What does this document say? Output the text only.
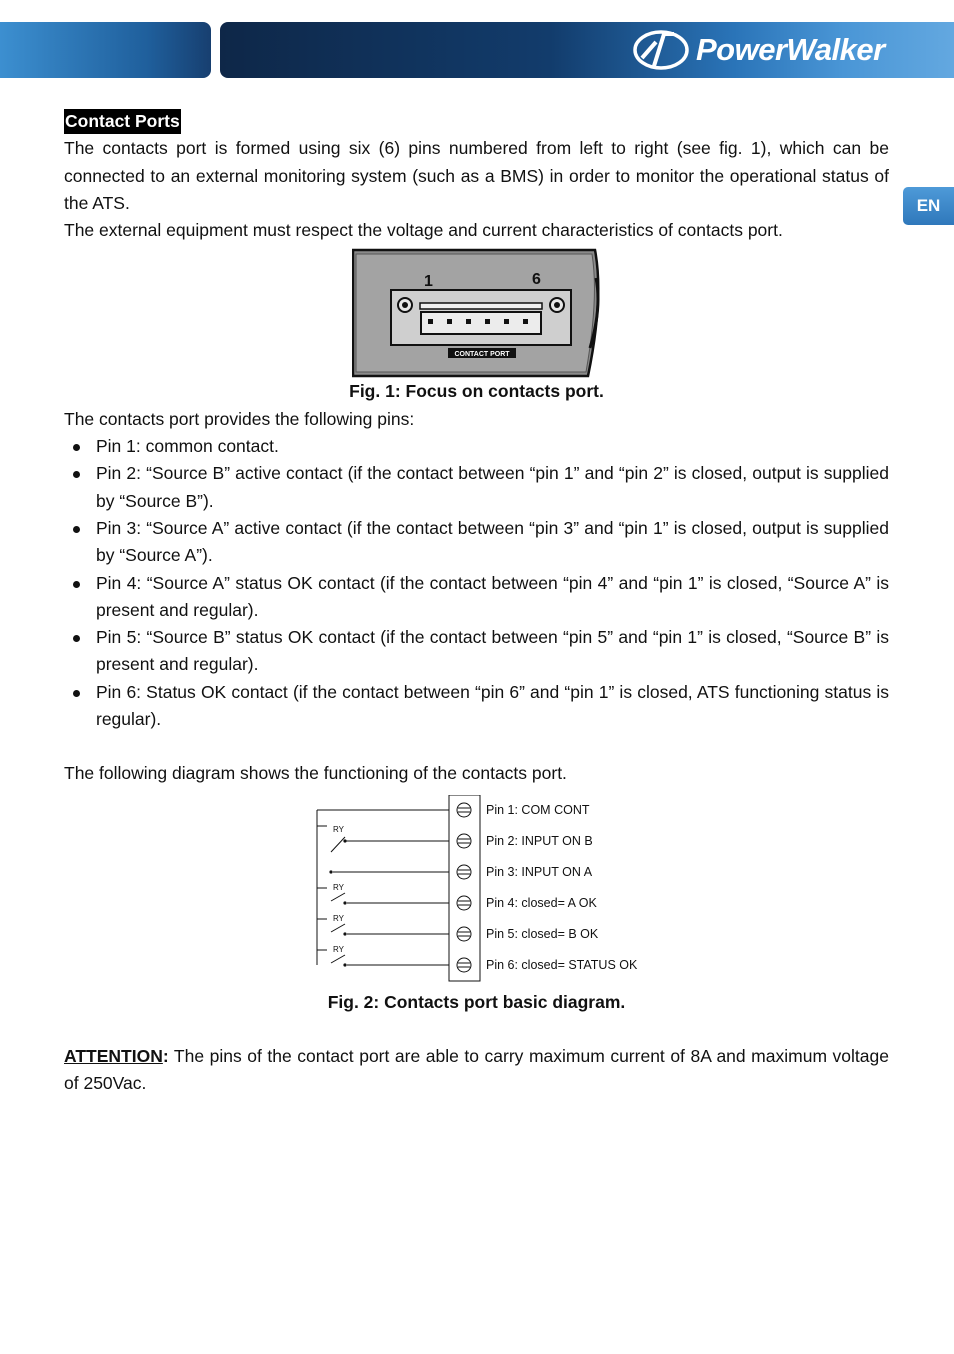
PowerWalker
EN
Contact Ports

The contacts port is formed using six (6) pins numbered from left to right (see fig. 1), which can be connected to an external monitoring system (such as a BMS) in order to monitor the operational status of the ATS.

The external equipment must respect the voltage and current characteristics of contacts port.

1	6
CONTACT PORT
Fig. 1: Focus on contacts port.

The contacts port provides the following pins:

Pin 1: common contact.
Pin 2: “Source B” active contact (if the contact between “pin 1” and “pin 2” is closed, output is supplied by “Source B”).
Pin 3: “Source A” active contact (if the contact between “pin 3” and “pin 1” is closed, output is supplied by “Source A”).
Pin 4: “Source A” status OK contact (if the contact between “pin 4” and “pin 1” is closed, “Source A” is present and regular).
Pin 5: “Source B” status OK contact (if the contact between “pin 5” and “pin 1” is closed, “Source B” is present and regular).
Pin 6: Status OK contact (if the contact between “pin 6” and “pin 1” is closed, ATS functioning status is regular).

The following diagram shows the functioning of the contacts port.

RY
RY
RY
RY
Pin 1: COM CONT
Pin 2: INPUT ON B
Pin 3: INPUT ON A
Pin 4: closed= A OK
Pin 5: closed= B OK
Pin 6: closed= STATUS OK
Fig. 2: Contacts port basic diagram.

ATTENTION: The pins of the contact port are able to carry maximum current of 8A and maximum voltage of 250Vac.
